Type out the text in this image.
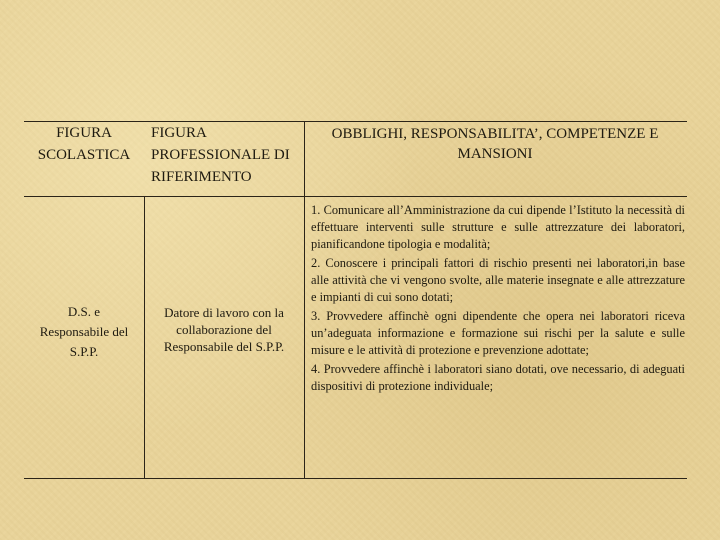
FIGURA SCOLASTICA
FIGURA PROFESSIONALE DI RIFERIMENTO
OBBLIGHI, RESPONSABILITA’, COMPETENZE E MANSIONI
D.S. e Responsabile del S.P.P.
Datore di lavoro con la collaborazione del Responsabile del S.P.P.

1. Comunicare all’Amministrazione da cui dipende l’Istituto la necessità di effettuare interventi sulle strutture e sulle attrezzature dei laboratori, pianificandone tipologia e modalità;

2. Conoscere i principali fattori di rischio presenti nei laboratori,in base alle attività che vi vengono svolte, alle materie insegnate e alle attrezzature e impianti di cui sono dotati;

3. Provvedere affinchè ogni dipendente che opera nei laboratori riceva un’adeguata informazione e formazione sui rischi per la salute e sulle misure e le attività di protezione e prevenzione adottate;

4. Provvedere affinchè i laboratori siano dotati, ove necessario, di adeguati dispositivi di protezione individuale;
